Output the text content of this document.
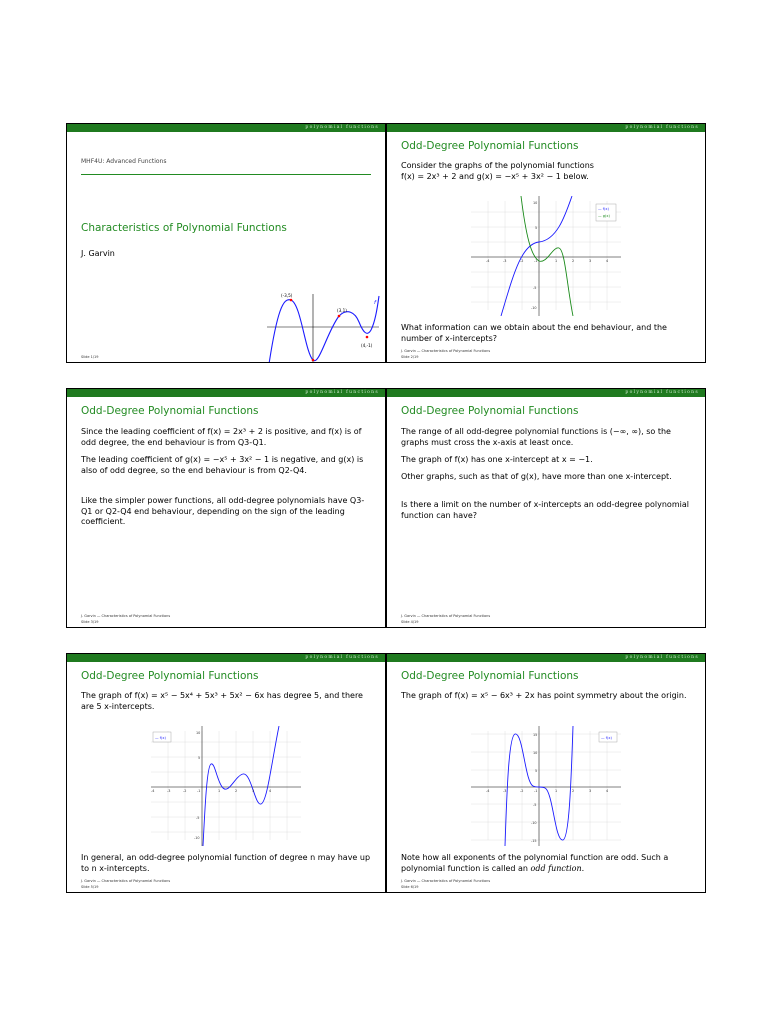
polynomial functions
MHF4U: Advanced Functions
Characteristics of Polynomial Functions
J. Garvin
(-3,5)
(3,1)
(4,-1)
(-1,-3)
f
Slide 1/19
polynomial functions
Odd-Degree Polynomial Functions
Consider the graphs of the polynomial functions
f(x) = 2x³ + 2 and g(x) = −x⁵ + 3x² − 1 below.
— f(x)
— g(x)
-4	-3	-2	-1	1	2	3	4
10
5
-5
-10
What information can we obtain about the end behaviour, and the number of x-intercepts?
J. Garvin — Characteristics of Polynomial Functions
Slide 2/19
polynomial functions
Odd-Degree Polynomial Functions
Since the leading coefficient of f(x) = 2x³ + 2 is positive, and f(x) is of odd degree, the end behaviour is from Q3-Q1.
The leading coefficient of g(x) = −x⁵ + 3x² − 1 is negative, and g(x) is also of odd degree, so the end behaviour is from Q2-Q4.
Like the simpler power functions, all odd-degree polynomials have Q3-Q1 or Q2-Q4 end behaviour, depending on the sign of the leading coefficient.
J. Garvin — Characteristics of Polynomial Functions
Slide 3/19
polynomial functions
Odd-Degree Polynomial Functions
The range of all odd-degree polynomial functions is (−∞, ∞), so the graphs must cross the x-axis at least once.
The graph of f(x) has one x-intercept at x = −1.
Other graphs, such as that of g(x), have more than one x-intercept.
Is there a limit on the number of x-intercepts an odd-degree polynomial function can have?
J. Garvin — Characteristics of Polynomial Functions
Slide 4/19
polynomial functions
Odd-Degree Polynomial Functions
The graph of f(x) = x⁵ − 5x⁴ + 5x³ + 5x² − 6x has degree 5, and there are 5 x-intercepts.
— f(x)
-4	-3	-2	-1	1	2	3	4
10
5
-5
-10
In general, an odd-degree polynomial function of degree n may have up to n x-intercepts.
J. Garvin — Characteristics of Polynomial Functions
Slide 5/19
polynomial functions
Odd-Degree Polynomial Functions
The graph of f(x) = x⁵ − 6x³ + 2x has point symmetry about the origin.
— f(x)
-4	-3	-2	-1	1	2	3	4
15
10
5
-5
-10
-15
Note how all exponents of the polynomial function are odd. Such a polynomial function is called an odd function.
J. Garvin — Characteristics of Polynomial Functions
Slide 6/19
